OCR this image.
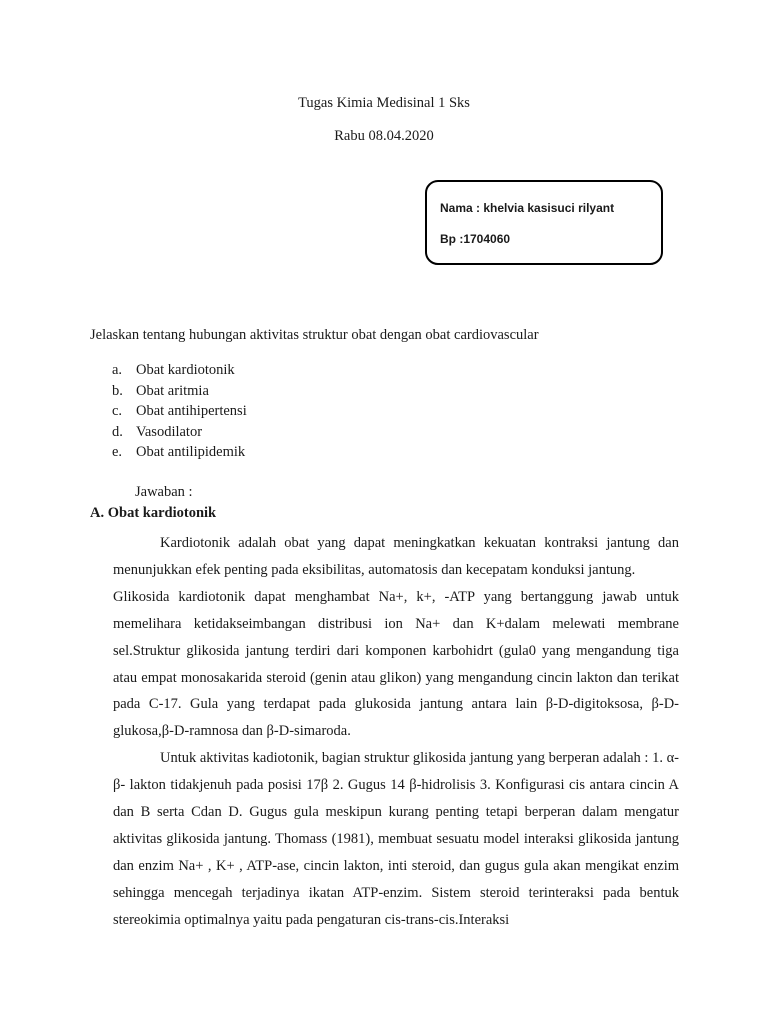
Tugas Kimia Medisinal 1 Sks
Rabu 08.04.2020
Nama : khelvia kasisuci rilyant
Bp :1704060
Jelaskan tentang hubungan aktivitas struktur obat dengan obat cardiovascular
a. Obat kardiotonik
b. Obat aritmia
c. Obat antihipertensi
d. Vasodilator
e. Obat antilipidemik
Jawaban :
A. Obat kardiotonik

Kardiotonik adalah obat yang dapat meningkatkan kekuatan kontraksi jantung dan menunjukkan efek penting pada eksibilitas, automatosis dan kecepatam konduksi jantung.

Glikosida kardiotonik dapat menghambat Na+, k+, -ATP yang bertanggung jawab untuk memelihara ketidakseimbangan distribusi ion Na+ dan K+dalam melewati membrane sel.Struktur glikosida jantung terdiri dari komponen karbohidrt (gula0 yang mengandung tiga atau empat monosakarida steroid (genin atau glikon) yang mengandung cincin lakton dan terikat pada C-17. Gula yang terdapat pada glukosida jantung antara lain β-D-digitoksosa, β-D-glukosa,β-D-ramnosa dan β-D-simaroda.

Untuk aktivitas kadiotonik, bagian struktur glikosida jantung yang berperan adalah : 1. α-β- lakton tidakjenuh pada posisi 17β 2. Gugus 14 β-hidrolisis 3. Konfigurasi cis antara cincin A dan B serta Cdan D. Gugus gula meskipun kurang penting tetapi berperan dalam mengatur aktivitas glikosida jantung. Thomass (1981), membuat sesuatu model interaksi glikosida jantung dan enzim Na+ , K+ , ATP-ase, cincin lakton, inti steroid, dan gugus gula akan mengikat enzim sehingga mencegah terjadinya ikatan ATP-enzim. Sistem steroid terinteraksi pada bentuk stereokimia optimalnya yaitu pada pengaturan cis-trans-cis.Interaksi
